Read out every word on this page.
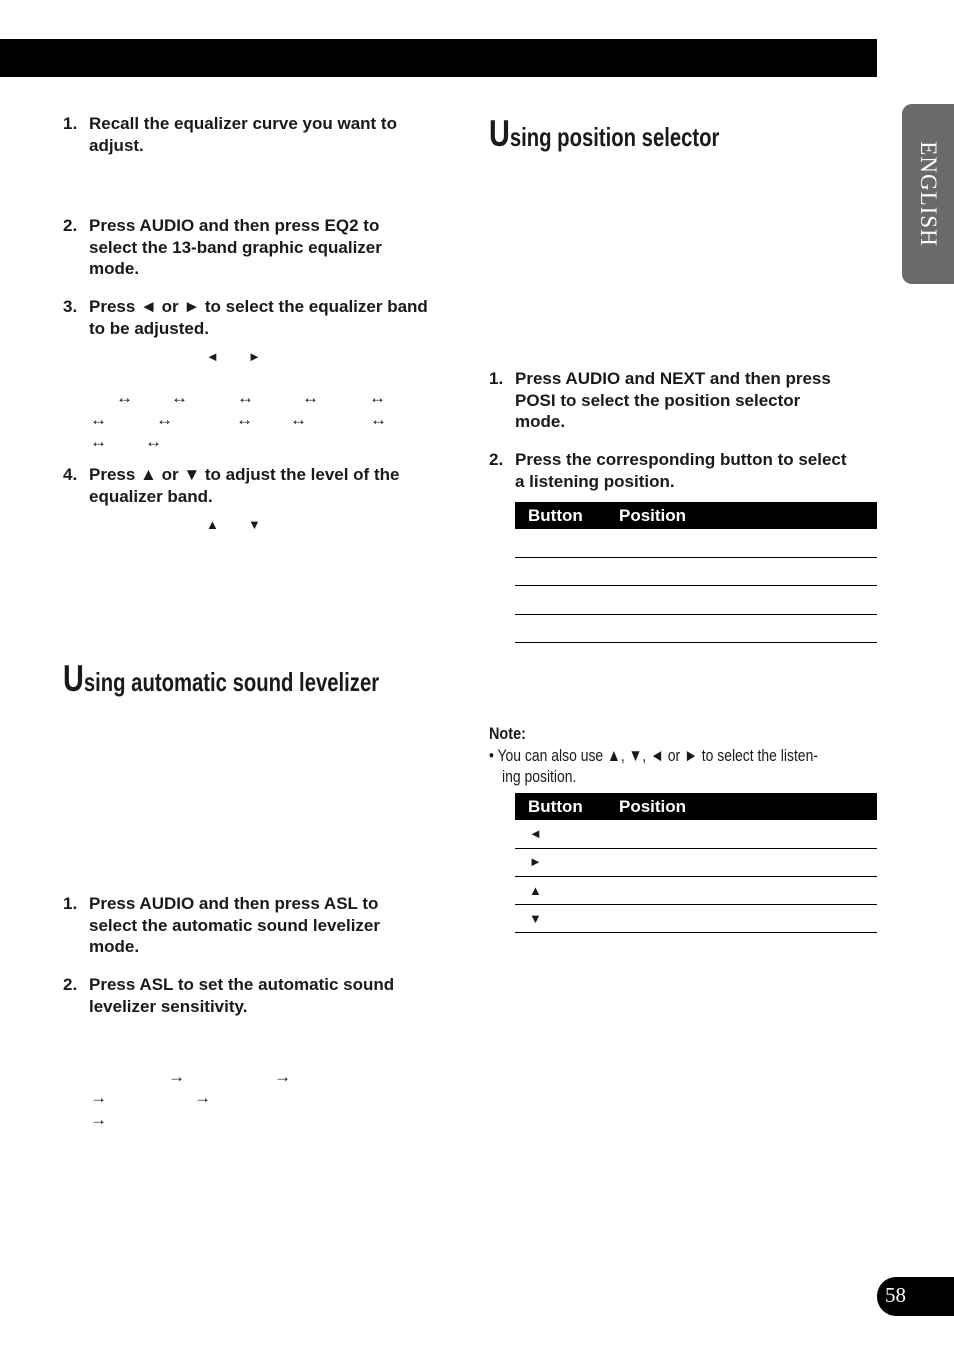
ENGLISH
1. Recall the equalizer curve you want to
adjust.
2. Press AUDIO and then press EQ2 to
select the 13-band graphic equalizer
mode.
3. Press ◄ or ► to select the equalizer band
to be adjusted.
◄ ►
↔ ↔	↔	↔	↔
↔	↔	↔ ↔	↔
↔ ↔
4. Press ▲ or ▼ to adjust the level of the
equalizer band.
▲ ▼
Using automatic sound levelizer
1. Press AUDIO and then press ASL to
select the automatic sound levelizer
mode.
2. Press ASL to set the automatic sound
levelizer sensitivity.
→	→
→	→
→
Using position selector
1. Press AUDIO and NEXT and then press
POSI to select the position selector
mode.
2. Press the corresponding button to select
a listening position.
Button Position
Note:
• You can also use ▲, ▼, ◄ or ► to select the listen-
ing position.
Button Position
◄
►
▲
▼
58
